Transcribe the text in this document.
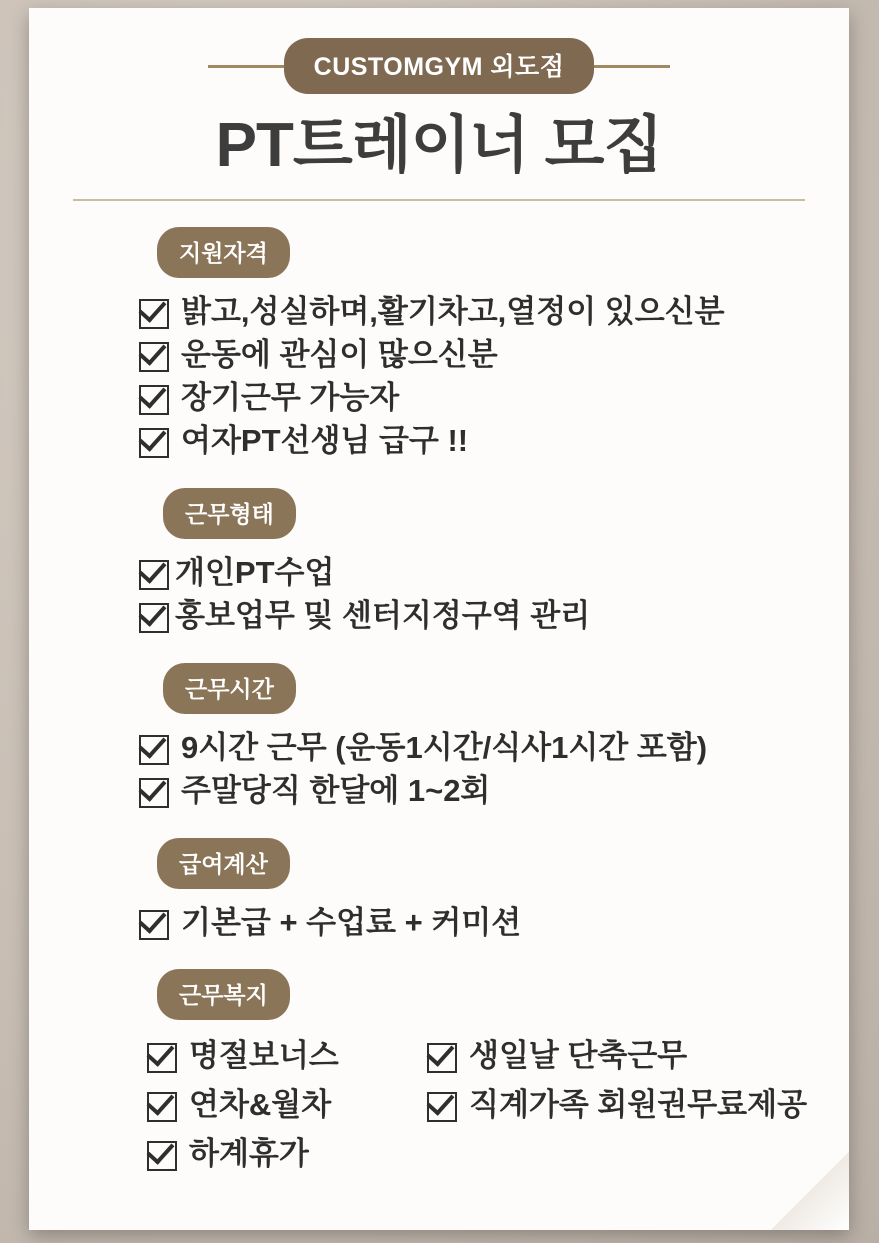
CUSTOMGYM 외도점
PT트레이너 모집
지원자격
밝고,성실하며,활기차고,열정이 있으신분
운동에 관심이 많으신분
장기근무 가능자
여자PT선생님 급구 !!
근무형태
개인PT수업
홍보업무 및 센터지정구역 관리
근무시간
9시간 근무 (운동1시간/식사1시간 포함)
주말당직 한달에 1~2회
급여계산
기본급 + 수업료 + 커미션
근무복지
명절보너스	생일날 단축근무
연차&월차	직계가족 회원권무료제공
하계휴가
